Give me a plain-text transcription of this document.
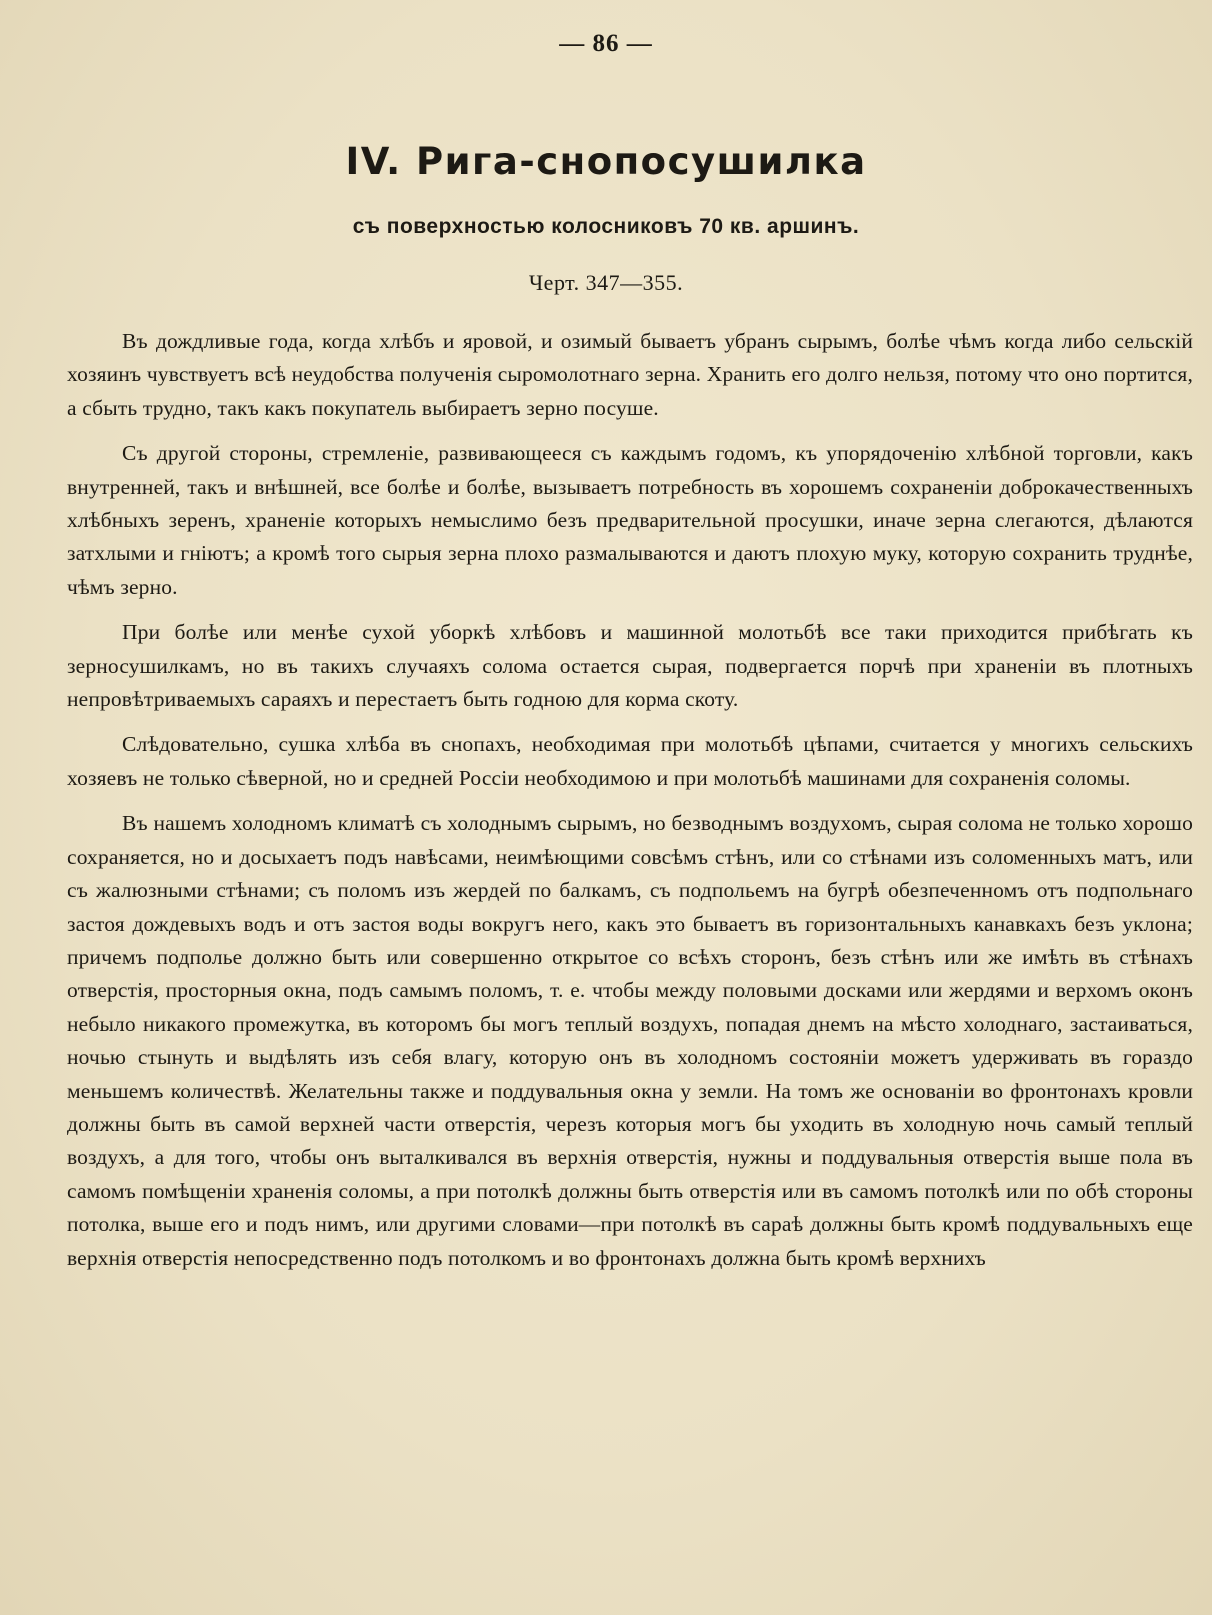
— 86 —
IV. Рига-снопосушилка
съ поверхностью колосниковъ 70 кв. аршинъ.
Черт. 347—355.

Въ дождливые года, когда хлѣбъ и яровой, и озимый бываетъ убранъ сырымъ, болѣе чѣмъ когда либо сельскій хозяинъ чувствуетъ всѣ неудобства полученія сыромолотнаго зерна. Хранить его долго нельзя, потому что оно портится, а сбыть трудно, такъ какъ покупатель выбираетъ зерно посуше.

Съ другой стороны, стремленіе, развивающееся съ каждымъ годомъ, къ упорядоченію хлѣбной торговли, какъ внутренней, такъ и внѣшней, все болѣе и болѣе, вызываетъ потребность въ хорошемъ сохраненіи доброкачественныхъ хлѣбныхъ зеренъ, храненіе которыхъ немыслимо безъ предварительной просушки, иначе зерна слегаются, дѣлаются затхлыми и гніютъ; а кромѣ того сырыя зерна плохо размалываются и даютъ плохую муку, которую сохранить труднѣе, чѣмъ зерно.

При болѣе или менѣе сухой уборкѣ хлѣбовъ и машинной молотьбѣ все таки приходится прибѣгать къ зерносушилкамъ, но въ такихъ случаяхъ солома остается сырая, подвергается порчѣ при храненіи въ плотныхъ непровѣтриваемыхъ сараяхъ и перестаетъ быть годною для корма скоту.

Слѣдовательно, сушка хлѣба въ снопахъ, необходимая при молотьбѣ цѣпами, считается у многихъ сельскихъ хозяевъ не только сѣверной, но и средней Россіи необходимою и при молотьбѣ машинами для сохраненія соломы.

Въ нашемъ холодномъ климатѣ съ холоднымъ сырымъ, но безводнымъ воздухомъ, сырая солома не только хорошо сохраняется, но и досыхаетъ подъ навѣсами, неимѣющими совсѣмъ стѣнъ, или со стѣнами изъ соломенныхъ матъ, или съ жалюзными стѣнами; съ поломъ изъ жердей по балкамъ, съ подпольемъ на бугрѣ обезпеченномъ отъ подпольнаго застоя дождевыхъ водъ и отъ застоя воды вокругъ него, какъ это бываетъ въ горизонтальныхъ канавкахъ безъ уклона; причемъ подполье должно быть или совершенно открытое со всѣхъ сторонъ, безъ стѣнъ или же имѣть въ стѣнахъ отверстія, просторныя окна, подъ самымъ поломъ, т. е. чтобы между половыми досками или жердями и верхомъ оконъ небыло никакого промежутка, въ которомъ бы могъ теплый воздухъ, попадая днемъ на мѣсто холоднаго, застаиваться, ночью стынуть и выдѣлять изъ себя влагу, которую онъ въ холодномъ состояніи можетъ удерживать въ гораздо меньшемъ количествѣ. Желательны также и поддувальныя окна у земли. На томъ же основаніи во фронтонахъ кровли должны быть въ самой верхней части отверстія, черезъ которыя могъ бы уходить въ холодную ночь самый теплый воздухъ, а для того, чтобы онъ выталкивался въ верхнія отверстія, нужны и поддувальныя отверстія выше пола въ самомъ помѣщеніи храненія соломы, а при потолкѣ должны быть отверстія или въ самомъ потолкѣ или по обѣ стороны потолка, выше его и подъ нимъ, или другими словами—при потолкѣ въ сараѣ должны быть кромѣ поддувальныхъ еще верхнія отверстія непосредственно подъ потолкомъ и во фронтонахъ должна быть кромѣ верхнихъ
